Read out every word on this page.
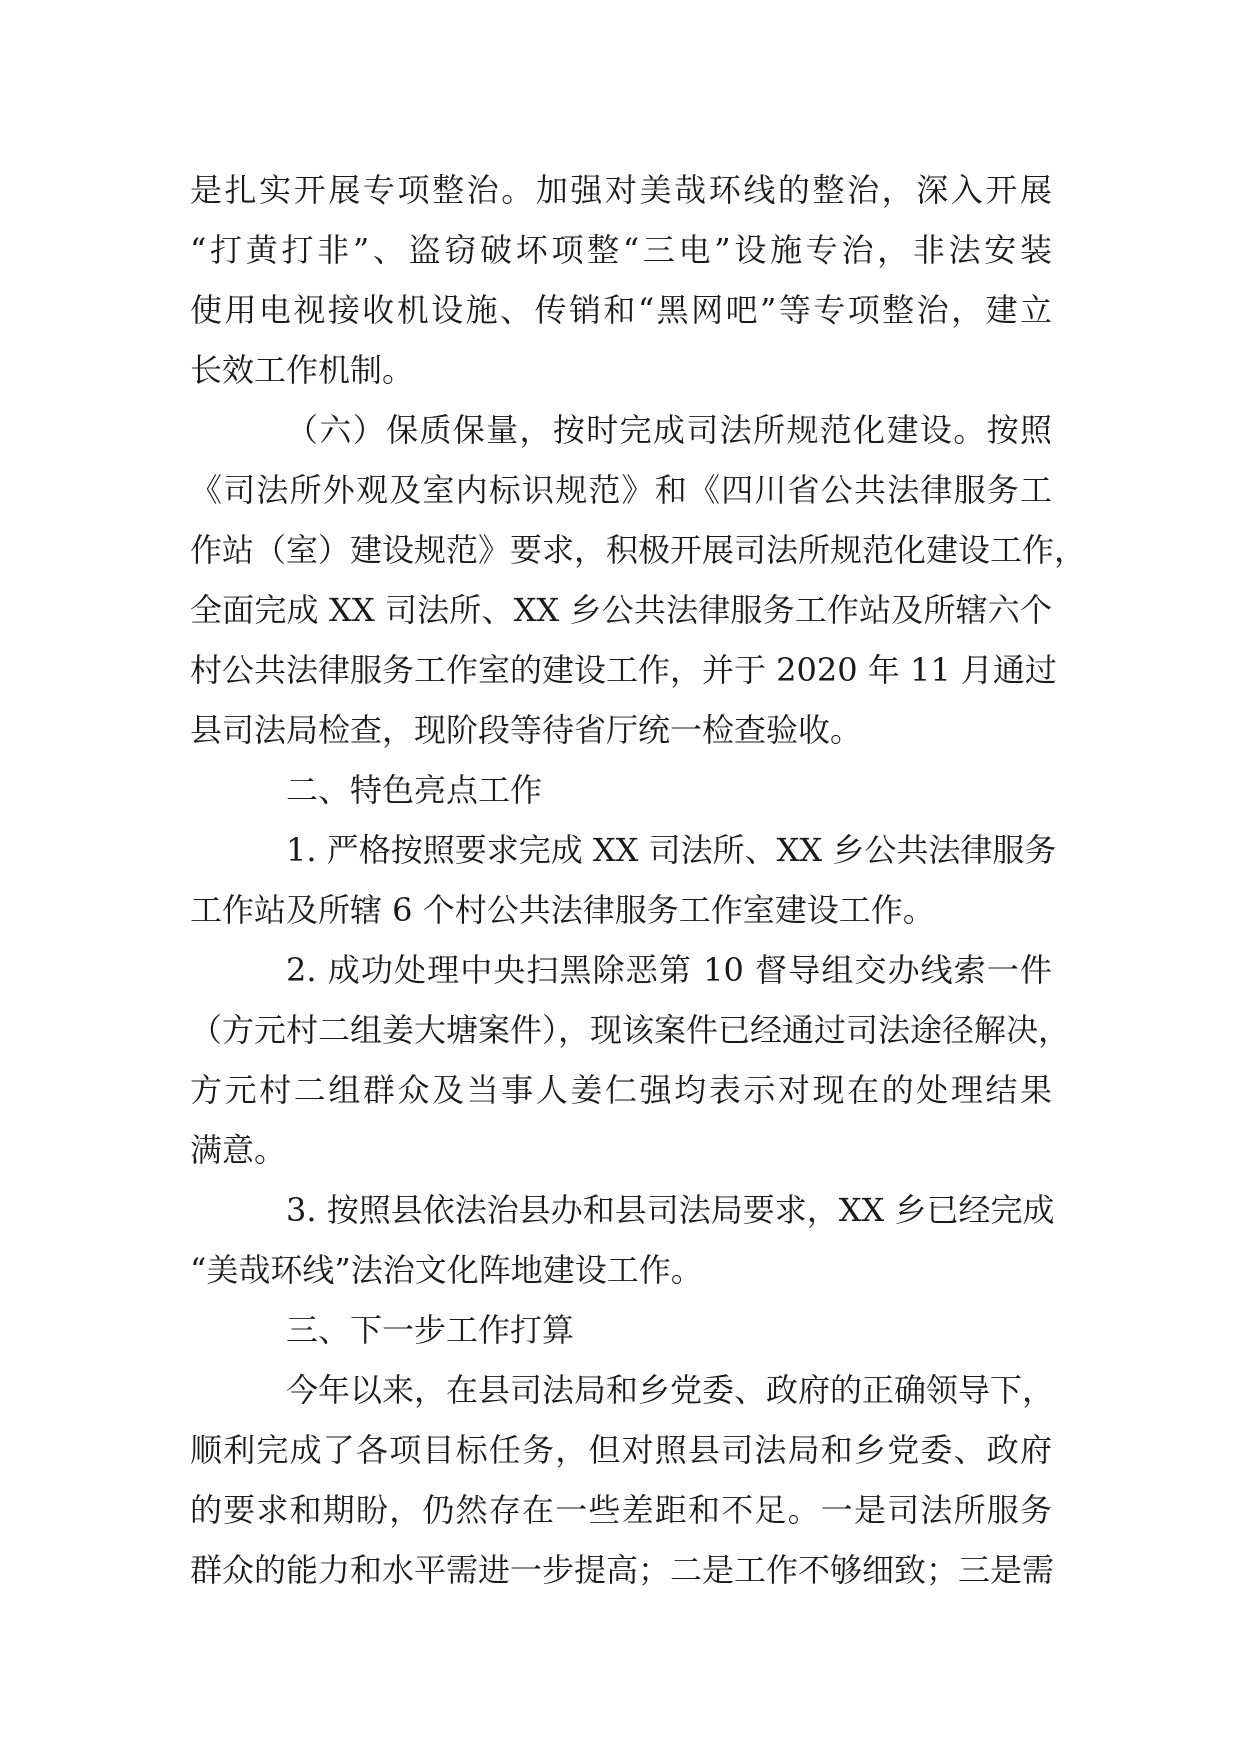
是扎实开展专项整治。加强对美哉环线的整治，深入开展
“打黄打非”、盗窃破坏项整“三电”设施专治，非法安装
使用电视接收机设施、传销和“黑网吧”等专项整治，建立
长效工作机制。
（六）保质保量，按时完成司法所规范化建设。按照
《司法所外观及室内标识规范》和《四川省公共法律服务工
作站（室）建设规范》要求，积极开展司法所规范化建设工作，
全面完成 XX 司法所、XX 乡公共法律服务工作站及所辖六个
村公共法律服务工作室的建设工作，并于 2020 年 11 月通过
县司法局检查，现阶段等待省厅统一检查验收。
二、特色亮点工作
1. 严格按照要求完成 XX 司法所、XX 乡公共法律服务
工作站及所辖 6 个村公共法律服务工作室建设工作。
2. 成功处理中央扫黑除恶第 10 督导组交办线索一件
（方元村二组姜大塘案件），现该案件已经通过司法途径解决，
方元村二组群众及当事人姜仁强均表示对现在的处理结果
满意。
3. 按照县依法治县办和县司法局要求，XX 乡已经完成
“美哉环线”法治文化阵地建设工作。
三、下一步工作打算
今年以来，在县司法局和乡党委、政府的正确领导下，
顺利完成了各项目标任务，但对照县司法局和乡党委、政府
的要求和期盼，仍然存在一些差距和不足。一是司法所服务
群众的能力和水平需进一步提高；二是工作不够细致；三是需
